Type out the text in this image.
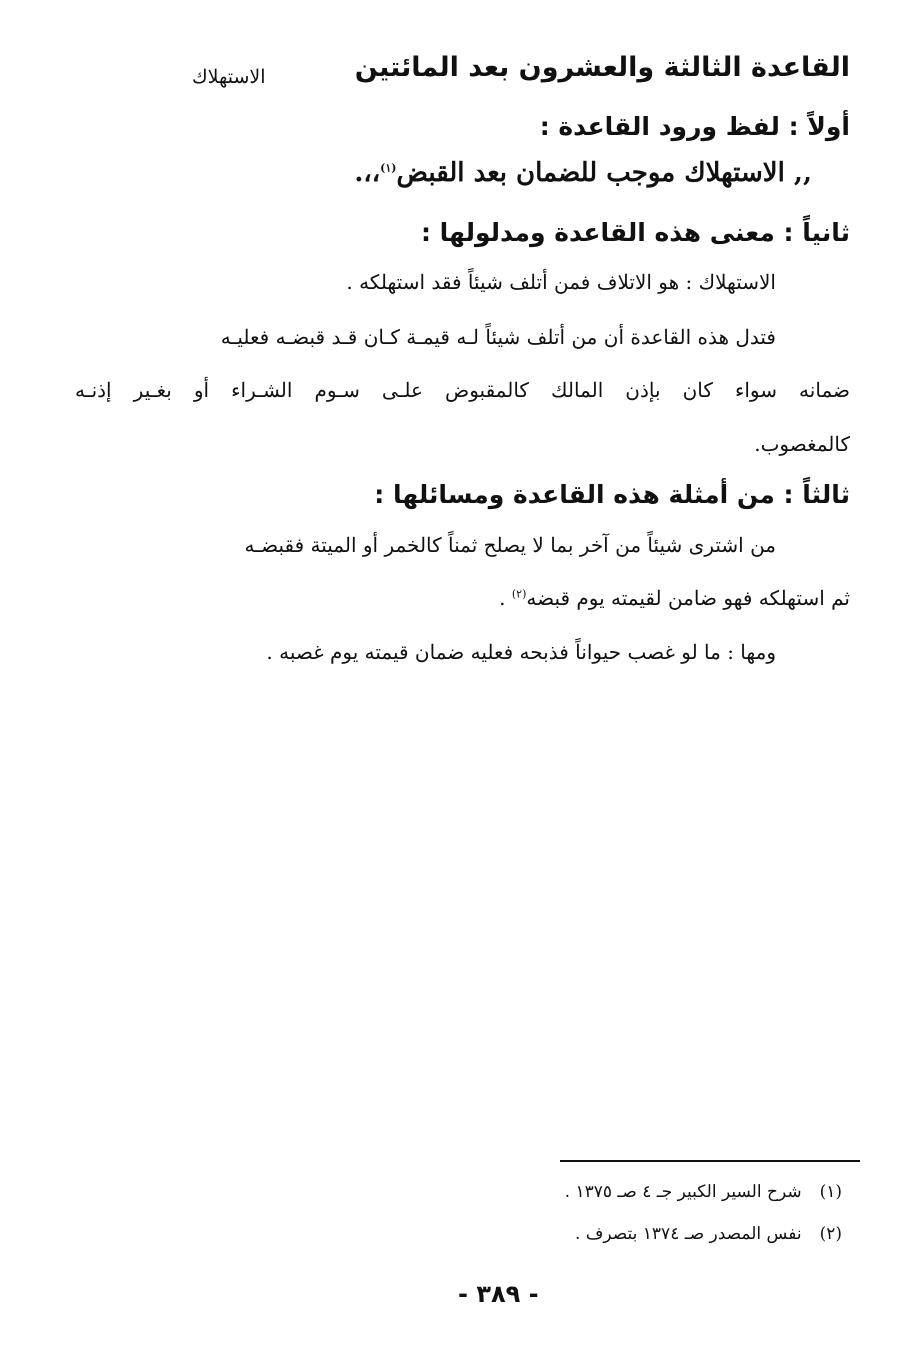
القاعدة الثالثة والعشرون بعد المائتين
الاستهلاك
أولاً : لفظ ورود القاعدة :
,, الاستهلاك موجب للضمان بعد القبض$^{(١)}$،،.
ثانياً : معنى هذه القاعدة ومدلولها :
الاستهلاك : هو الاتلاف فمن أتلف شيئاً فقد استهلكه .
فتدل هذه القاعدة أن من أتلف شيئاً لـه قيمـة كـان قـد قبضـه فعليـه
ضمانه سواء كان بإذن المالك كالمقبوض علـى سـوم الشـراء أو بغـير إذنـه
كالمغصوب.
ثالثاً : من أمثلة هذه القاعدة ومسائلها :
من اشترى شيئاً من آخر بما لا يصلح ثمناً كالخمر أو الميتة فقبضـه
ثم استهلكه فهو ضامن لقيمته يوم قبضه$^{(٢)}$ .
ومها : ما لو غصب حيواناً فذبحه فعليه ضمان قيمته يوم غصبه .
(١)شرح السير الكبير جـ ٤ صـ ١٣٧٥ .
(٢)نفس المصدر صـ ١٣٧٤ بتصرف .
- ٣٨٩ -
